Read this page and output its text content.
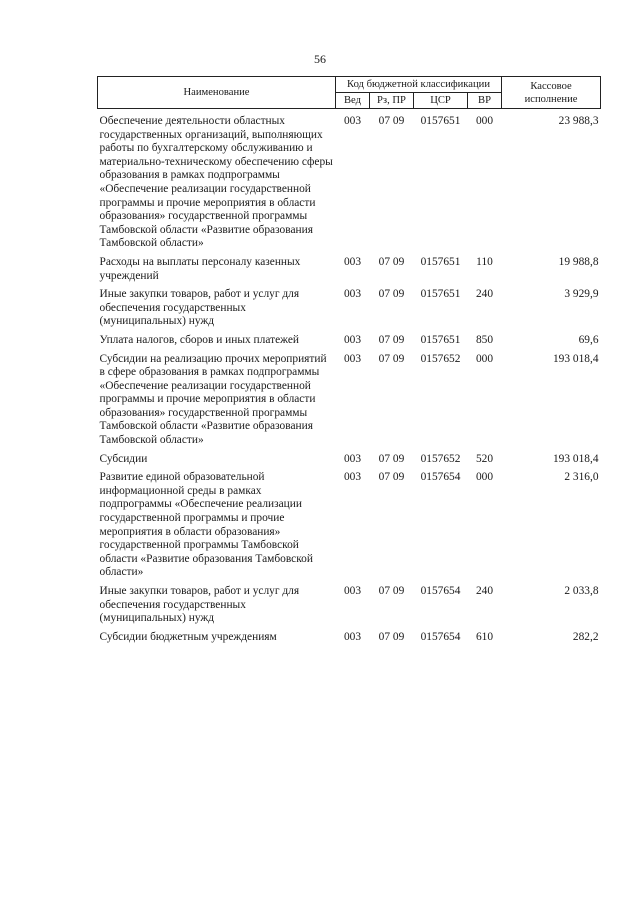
56
Наименование	Код бюджетной классификации				Кассовое исполнение
	Вед	Рз, ПР	ЦСР	ВР	

Обеспечение деятельности областных государственных организаций, выполняющих работы по бухгалтерскому обслуживанию и материально-техническому обеспечению сферы образования в рамках подпрограммы «Обеспечение реализации государственной программы и прочие мероприятия в области образования» государственной программы Тамбовской области «Развитие образования Тамбовской области»	003	07 09	0157651	000	23 988,3
Расходы на выплаты персоналу казенных учреждений	003	07 09	0157651	110	19 988,8
Иные закупки товаров, работ и услуг для обеспечения государственных (муниципальных) нужд	003	07 09	0157651	240	3 929,9
Уплата налогов, сборов и иных платежей	003	07 09	0157651	850	69,6
Субсидии на реализацию прочих мероприятий в сфере образования в рамках подпрограммы «Обеспечение реализации государственной программы и прочие мероприятия в области образования» государственной программы Тамбовской области «Развитие образования Тамбовской области»	003	07 09	0157652	000	193 018,4
Субсидии	003	07 09	0157652	520	193 018,4
Развитие единой образовательной информационной среды в рамках подпрограммы «Обеспечение реализации государственной программы и прочие мероприятия в области образования» государственной программы Тамбовской области «Развитие образования Тамбовской области»	003	07 09	0157654	000	2 316,0
Иные закупки товаров, работ и услуг для обеспечения государственных (муниципальных) нужд	003	07 09	0157654	240	2 033,8
Субсидии бюджетным учреждениям	003	07 09	0157654	610	282,2
